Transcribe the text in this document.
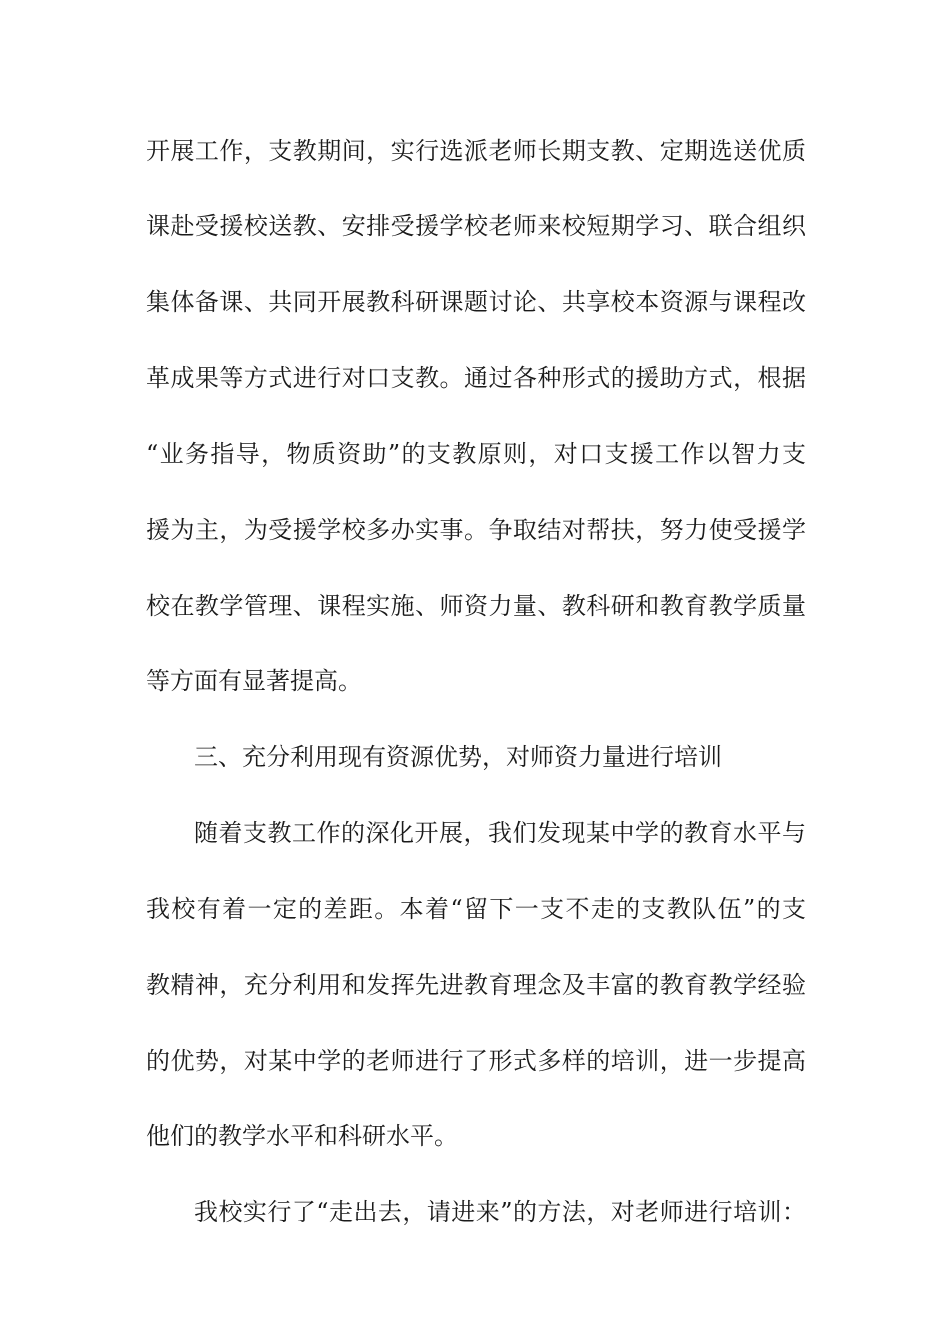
开展工作，支教期间，实行选派老师长期支教、定期选送优质
课赴受援校送教、安排受援学校老师来校短期学习、联合组织
集体备课、共同开展教科研课题讨论、共享校本资源与课程改
革成果等方式进行对口支教。通过各种形式的援助方式，根据
“业务指导，物质资助”的支教原则，对口支援工作以智力支
援为主，为受援学校多办实事。争取结对帮扶，努力使受援学
校在教学管理、课程实施、师资力量、教科研和教育教学质量
等方面有显著提高。
三、充分利用现有资源优势，对师资力量进行培训
随着支教工作的深化开展，我们发现某中学的教育水平与
我校有着一定的差距。本着“留下一支不走的支教队伍”的支
教精神，充分利用和发挥先进教育理念及丰富的教育教学经验
的优势，对某中学的老师进行了形式多样的培训，进一步提高
他们的教学水平和科研水平。
我校实行了“走出去，请进来”的方法，对老师进行培训：
